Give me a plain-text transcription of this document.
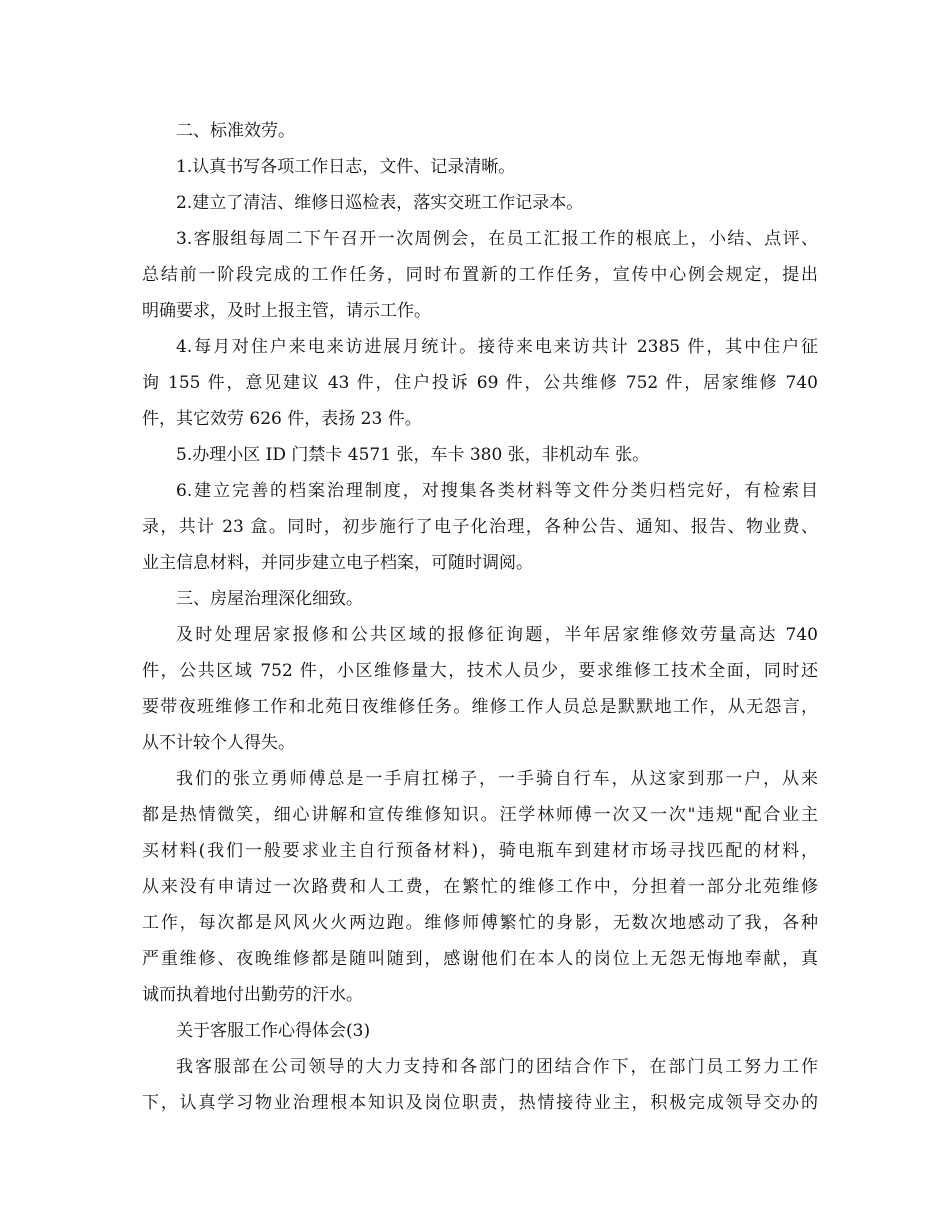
二、标准效劳。
1.认真书写各项工作日志，文件、记录清晰。
2.建立了清洁、维修日巡检表，落实交班工作记录本。
3.客服组每周二下午召开一次周例会，在员工汇报工作的根底上，小结、点评、
总结前一阶段完成的工作任务，同时布置新的工作任务，宣传中心例会规定，提出
明确要求，及时上报主管，请示工作。
4.每月对住户来电来访进展月统计。接待来电来访共计 2385 件，其中住户征
询 155 件，意见建议 43 件，住户投诉 69 件，公共维修 752 件，居家维修 740
件，其它效劳 626 件，表扬 23 件。
5.办理小区 ID 门禁卡 4571 张，车卡 380 张，非机动车 张。
6.建立完善的档案治理制度，对搜集各类材料等文件分类归档完好，有检索目
录，共计 23 盒。同时，初步施行了电子化治理，各种公告、通知、报告、物业费、
业主信息材料，并同步建立电子档案，可随时调阅。
三、房屋治理深化细致。
及时处理居家报修和公共区域的报修征询题，半年居家维修效劳量高达 740
件，公共区域 752 件，小区维修量大，技术人员少，要求维修工技术全面，同时还
要带夜班维修工作和北苑日夜维修任务。维修工作人员总是默默地工作，从无怨言，
从不计较个人得失。
我们的张立勇师傅总是一手肩扛梯子，一手骑自行车，从这家到那一户，从来
都是热情微笑，细心讲解和宣传维修知识。汪学林师傅一次又一次"违规"配合业主
买材料(我们一般要求业主自行预备材料)，骑电瓶车到建材市场寻找匹配的材料，
从来没有申请过一次路费和人工费，在繁忙的维修工作中，分担着一部分北苑维修
工作，每次都是风风火火两边跑。维修师傅繁忙的身影，无数次地感动了我，各种
严重维修、夜晚维修都是随叫随到，感谢他们在本人的岗位上无怨无悔地奉献，真
诚而执着地付出勤劳的汗水。
关于客服工作心得体会(3)
我客服部在公司领导的大力支持和各部门的团结合作下，在部门员工努力工作
下，认真学习物业治理根本知识及岗位职责，热情接待业主，积极完成领导交办的
